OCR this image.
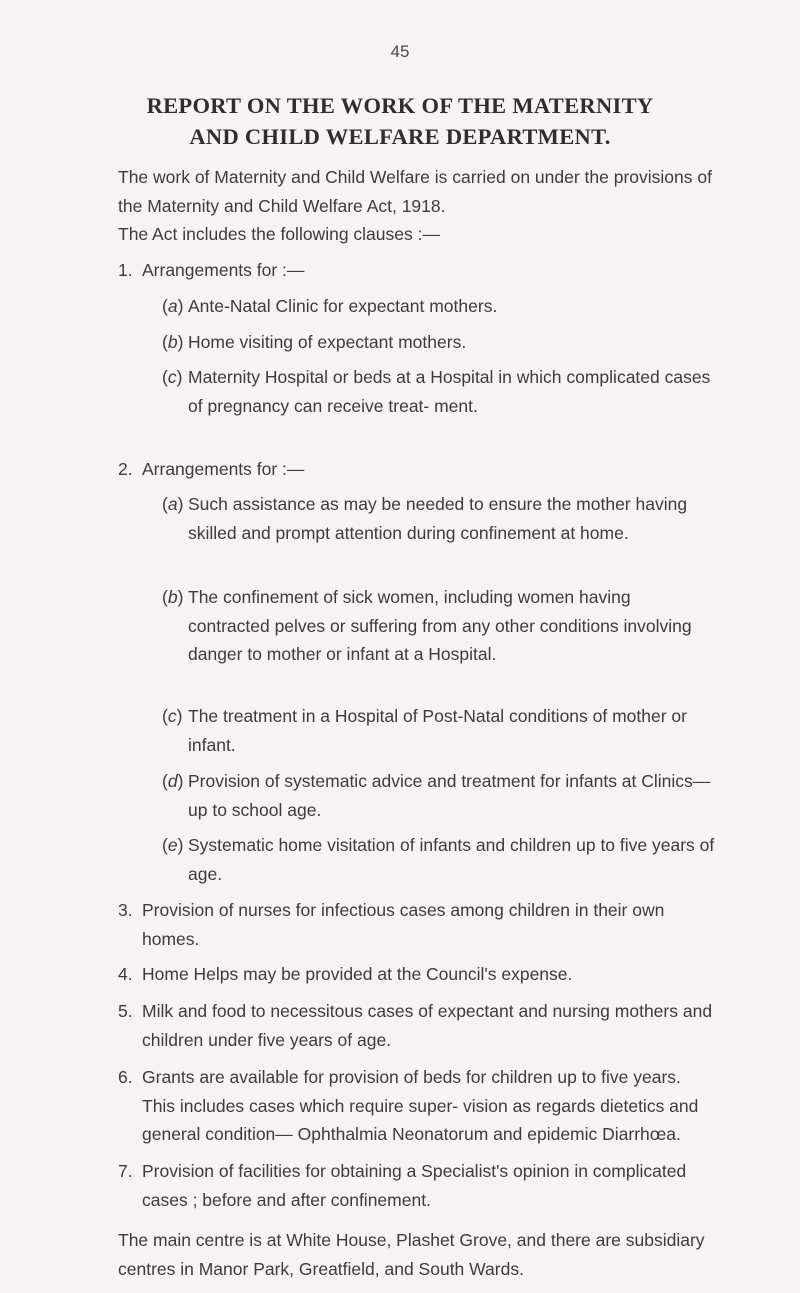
45
REPORT ON THE WORK OF THE MATERNITY
AND CHILD WELFARE DEPARTMENT.
The work of Maternity and Child Welfare is carried on under the provisions of the Maternity and Child Welfare Act, 1918.
The Act includes the following clauses :—
1. Arrangements for :—
(a) Ante-Natal Clinic for expectant mothers.
(b) Home visiting of expectant mothers.
(c) Maternity Hospital or beds at a Hospital in which complicated cases of pregnancy can receive treat- ment.
2. Arrangements for :—
(a) Such assistance as may be needed to ensure the mother having skilled and prompt attention during confinement at home.
(b) The confinement of sick women, including women having contracted pelves or suffering from any other conditions involving danger to mother or infant at a Hospital.
(c) The treatment in a Hospital of Post-Natal conditions of mother or infant.
(d) Provision of systematic advice and treatment for infants at Clinics—up to school age.
(e) Systematic home visitation of infants and children up to five years of age.
3. Provision of nurses for infectious cases among children in their own homes.
4. Home Helps may be provided at the Council's expense.
5. Milk and food to necessitous cases of expectant and nursing mothers and children under five years of age.
6. Grants are available for provision of beds for children up to five years. This includes cases which require super- vision as regards dietetics and general condition— Ophthalmia Neonatorum and epidemic Diarrhœa.
7. Provision of facilities for obtaining a Specialist's opinion in complicated cases ; before and after confinement.
The main centre is at White House, Plashet Grove, and there are subsidiary centres in Manor Park, Greatfield, and South Wards.
